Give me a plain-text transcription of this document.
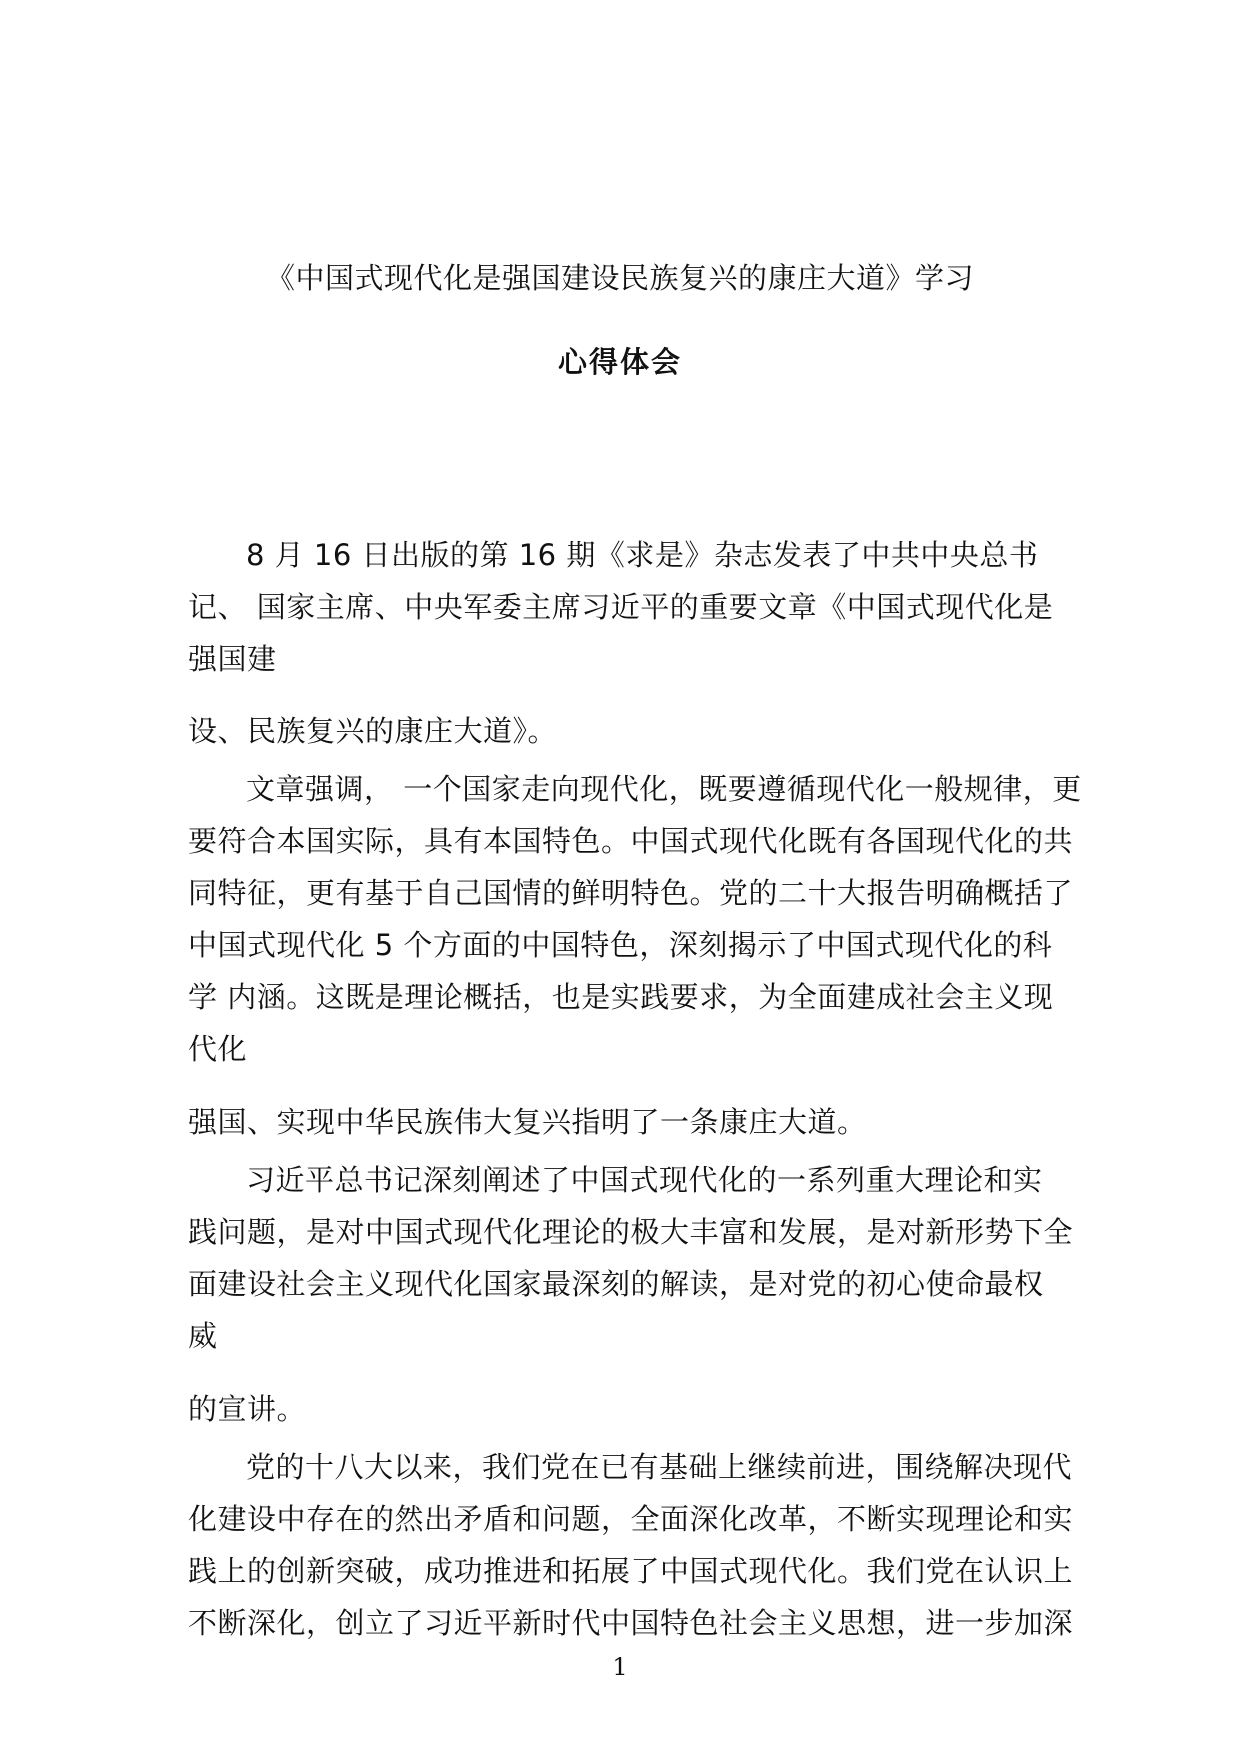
《中国式现代化是强国建设民族复兴的康庄大道》学习
心得体会
8 月 16 日出版的第 16 期《求是》杂志发表了中共中央总书
记、 国家主席、中央军委主席习近平的重要文章《中国式现代化是
强国建
设、民族复兴的康庄大道》。
文章强调， 一个国家走向现代化，既要遵循现代化一般规律，更
要符合本国实际，具有本国特色。中国式现代化既有各国现代化的共
同特征，更有基于自己国情的鲜明特色。党的二十大报告明确概括了
中国式现代化 5 个方面的中国特色，深刻揭示了中国式现代化的科
学 内涵。这既是理论概括，也是实践要求，为全面建成社会主义现
代化
强国、实现中华民族伟大复兴指明了一条康庄大道。
习近平总书记深刻阐述了中国式现代化的一系列重大理论和实
践问题，是对中国式现代化理论的极大丰富和发展，是对新形势下全
面建设社会主义现代化国家最深刻的解读，是对党的初心使命最权
威
的宣讲。
党的十八大以来，我们党在已有基础上继续前进，围绕解决现代
化建设中存在的然出矛盾和问题，全面深化改革，不断实现理论和实
践上的创新突破，成功推进和拓展了中国式现代化。我们党在认识上
不断深化，创立了习近平新时代中国特色社会主义思想，进一步加深
1
